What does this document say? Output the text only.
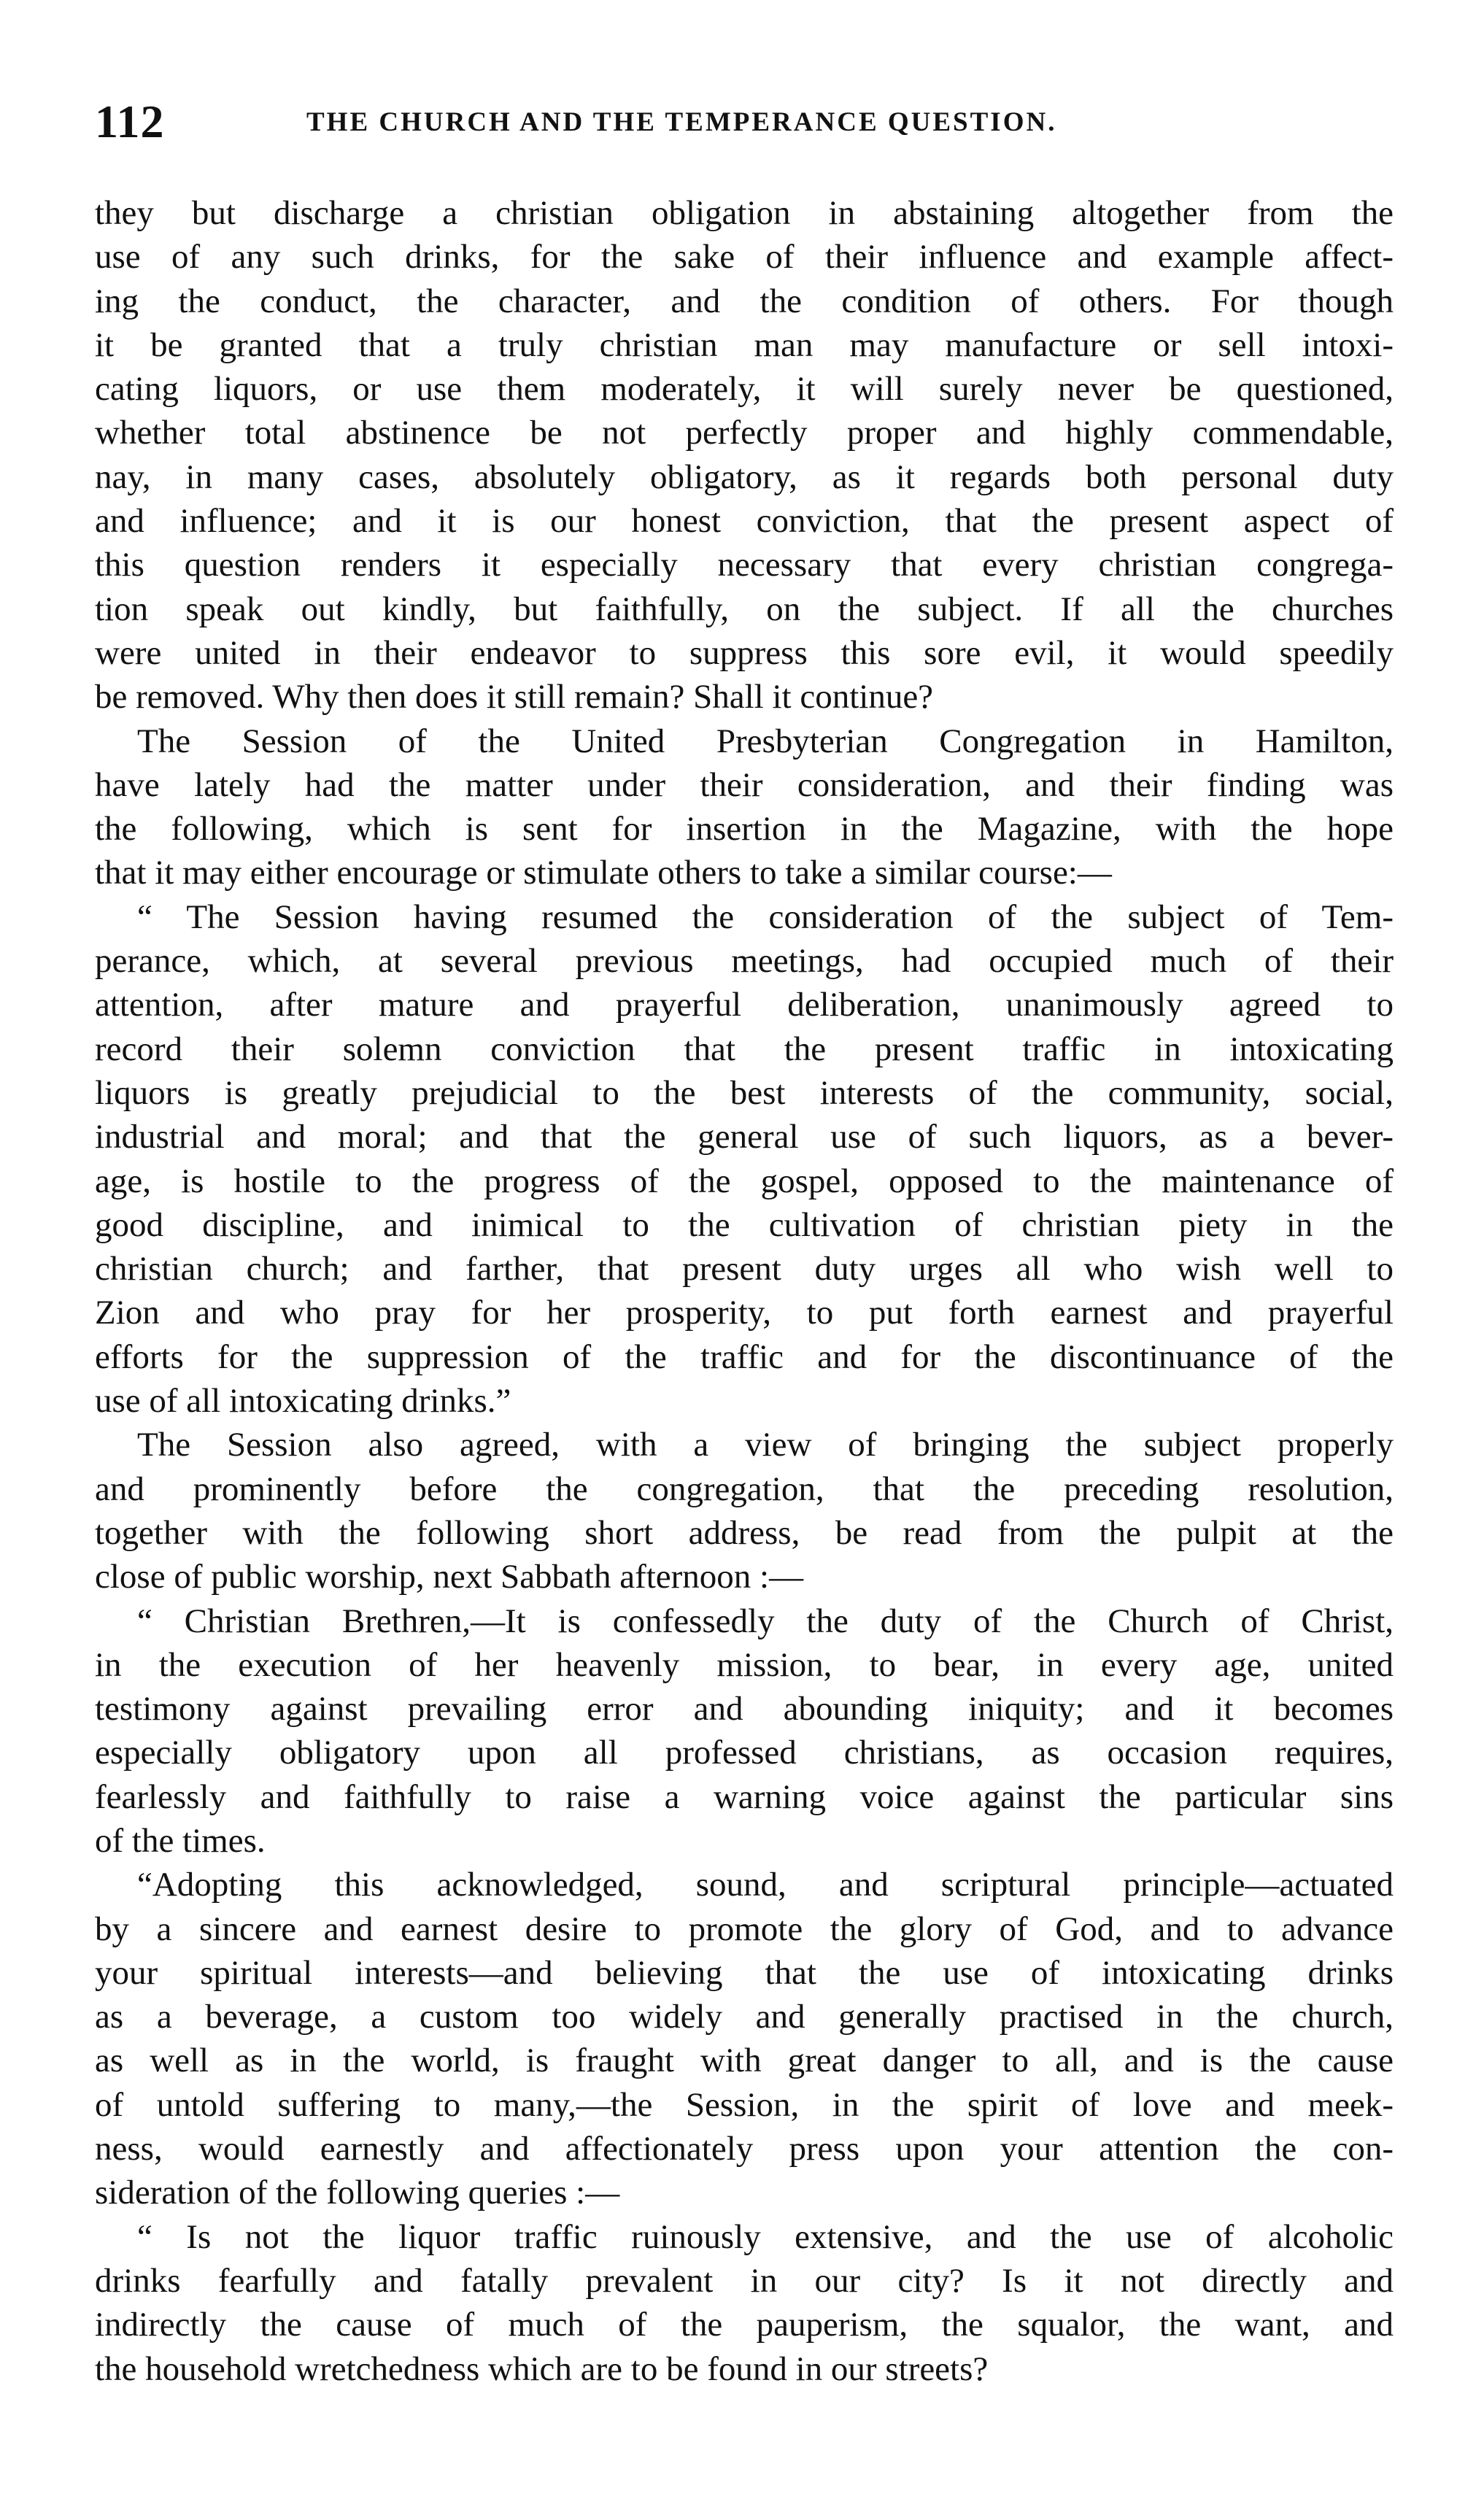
112	THE CHURCH AND THE TEMPERANCE QUESTION.
they but discharge a christian obligation in abstaining altogether from the
use of any such drinks, for the sake of their influence and example affect-
ing the conduct, the character, and the condition of others. For though
it be granted that a truly christian man may manufacture or sell intoxi-
cating liquors, or use them moderately, it will surely never be questioned,
whether total abstinence be not perfectly proper and highly commendable,
nay, in many cases, absolutely obligatory, as it regards both personal duty
and influence; and it is our honest conviction, that the present aspect of
this question renders it especially necessary that every christian congrega-
tion speak out kindly, but faithfully, on the subject. If all the churches
were united in their endeavor to suppress this sore evil, it would speedily
be removed. Why then does it still remain? Shall it continue?
The Session of the United Presbyterian Congregation in Hamilton,
have lately had the matter under their consideration, and their finding was
the following, which is sent for insertion in the Magazine, with the hope
that it may either encourage or stimulate others to take a similar course:—
“ The Session having resumed the consideration of the subject of Tem-
perance, which, at several previous meetings, had occupied much of their
attention, after mature and prayerful deliberation, unanimously agreed to
record their solemn conviction that the present traffic in intoxicating
liquors is greatly prejudicial to the best interests of the community, social,
industrial and moral; and that the general use of such liquors, as a bever-
age, is hostile to the progress of the gospel, opposed to the maintenance of
good discipline, and inimical to the cultivation of christian piety in the
christian church; and farther, that present duty urges all who wish well to
Zion and who pray for her prosperity, to put forth earnest and prayerful
efforts for the suppression of the traffic and for the discontinuance of the
use of all intoxicating drinks.”
The Session also agreed, with a view of bringing the subject properly
and prominently before the congregation, that the preceding resolution,
together with the following short address, be read from the pulpit at the
close of public worship, next Sabbath afternoon :—
“ Christian Brethren,—It is confessedly the duty of the Church of Christ,
in the execution of her heavenly mission, to bear, in every age, united
testimony against prevailing error and abounding iniquity; and it becomes
especially obligatory upon all professed christians, as occasion requires,
fearlessly and faithfully to raise a warning voice against the particular sins
of the times.
“Adopting this acknowledged, sound, and scriptural principle—actuated
by a sincere and earnest desire to promote the glory of God, and to advance
your spiritual interests—and believing that the use of intoxicating drinks
as a beverage, a custom too widely and generally practised in the church,
as well as in the world, is fraught with great danger to all, and is the cause
of untold suffering to many,—the Session, in the spirit of love and meek-
ness, would earnestly and affectionately press upon your attention the con-
sideration of the following queries :—
“ Is not the liquor traffic ruinously extensive, and the use of alcoholic
drinks fearfully and fatally prevalent in our city? Is it not directly and
indirectly the cause of much of the pauperism, the squalor, the want, and
the household wretchedness which are to be found in our streets?
